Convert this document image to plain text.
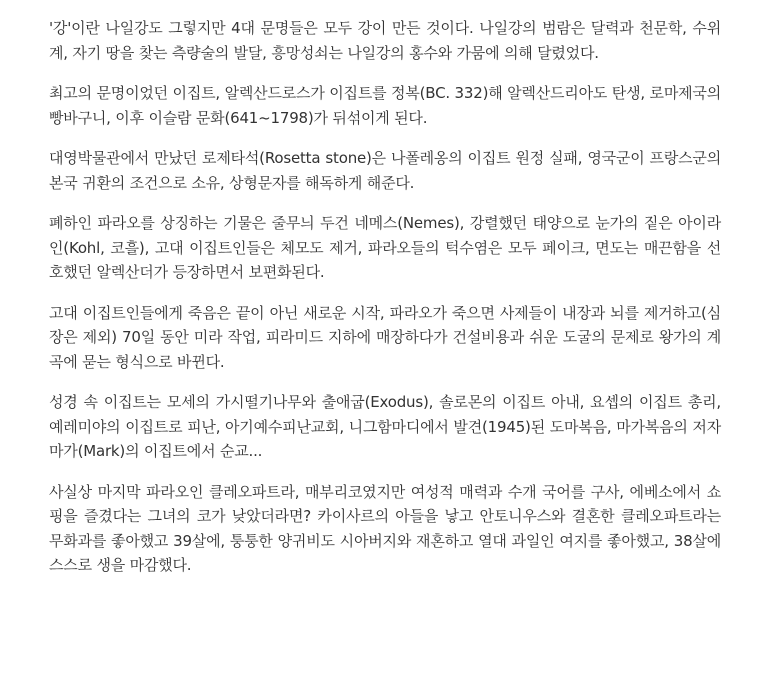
'강'이란 나일강도 그렇지만 4대 문명들은 모두 강이 만든 것이다. 나일강의 범람은 달력과 천문학, 수위계, 자기 땅을 찾는 측량술의 발달, 흥망성쇠는 나일강의 홍수와 가뭄에 의해 달렸었다.

최고의 문명이었던 이집트, 알렉산드로스가 이집트를 정복(BC. 332)해 알렉산드리아도 탄생, 로마제국의 빵바구니, 이후 이슬람 문화(641~1798)가 뒤섞이게 된다.

대영박물관에서 만났던 로제타석(Rosetta stone)은 나폴레옹의 이집트 원정 실패, 영국군이 프랑스군의 본국 귀환의 조건으로 소유, 상형문자를 해독하게 해준다.

폐하인 파라오를 상징하는 기물은 줄무늬 두건 네메스(Nemes), 강렬했던 태양으로 눈가의 짙은 아이라인(Kohl, 코흘), 고대 이집트인들은 체모도 제거, 파라오들의 턱수염은 모두 페이크, 면도는 매끈함을 선호했던 알렉산더가 등장하면서 보편화된다.

고대 이집트인들에게 죽음은 끝이 아닌 새로운 시작, 파라오가 죽으면 사제들이 내장과 뇌를 제거하고(심장은 제외) 70일 동안 미라 작업, 피라미드 지하에 매장하다가 건설비용과 쉬운 도굴의 문제로 왕가의 계곡에 묻는 형식으로 바뀐다.

성경 속 이집트는 모세의 가시떨기나무와 출애굽(Exodus), 솔로몬의 이집트 아내, 요셉의 이집트 총리, 예레미야의 이집트로 피난, 아기예수피난교회, 니그함마디에서 발견(1945)된 도마복음, 마가복음의 저자 마가(Mark)의 이집트에서 순교...

사실상 마지막 파라오인 클레오파트라, 매부리코였지만 여성적 매력과 수개 국어를 구사, 에베소에서 쇼핑을 즐겼다는 그녀의 코가 낮았더라면? 카이사르의 아들을 낳고 안토니우스와 결혼한 클레오파트라는 무화과를 좋아했고 39살에, 퉁퉁한 양귀비도 시아버지와 재혼하고 열대 과일인 여지를 좋아했고, 38살에 스스로 생을 마감했다.
